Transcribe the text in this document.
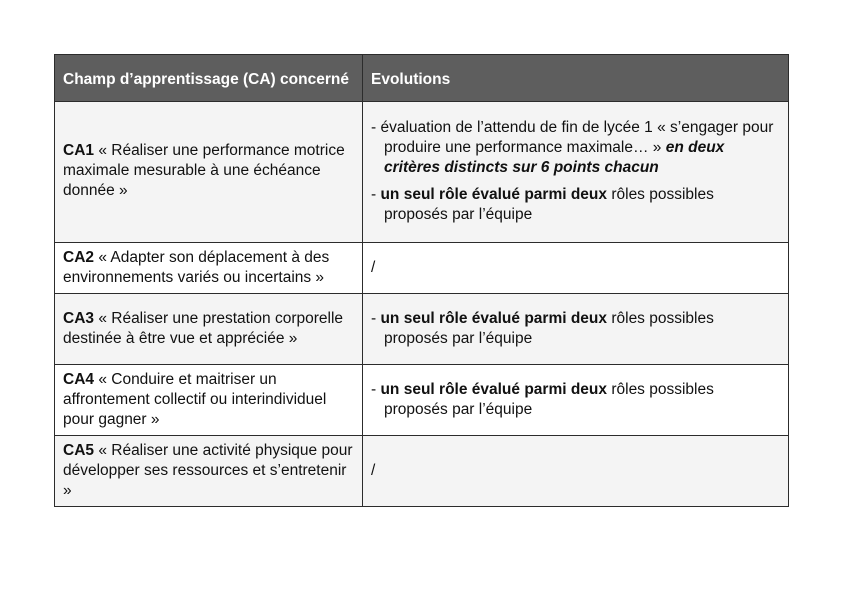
Champ d’apprentissage (CA) concerné	Evolutions
CA1 « Réaliser une performance motrice maximale mesurable à une échéance donnée »	- évaluation de l’attendu de fin de lycée 1 « s’engager pour produire une performance maximale… » en deux critères distincts sur 6 points chacun
- un seul rôle évalué parmi deux rôles possibles proposés par l’équipe

CA2 « Adapter son déplacement à des environnements variés ou incertains »	/
CA3 « Réaliser une prestation corporelle destinée à être vue et appréciée »	- un seul rôle évalué parmi deux rôles possibles proposés par l’équipe

CA4 « Conduire et maitriser un affrontement collectif ou interindividuel pour gagner »	- un seul rôle évalué parmi deux rôles possibles proposés par l’équipe

CA5 « Réaliser une activité physique pour développer ses ressources et s’entretenir »	/
